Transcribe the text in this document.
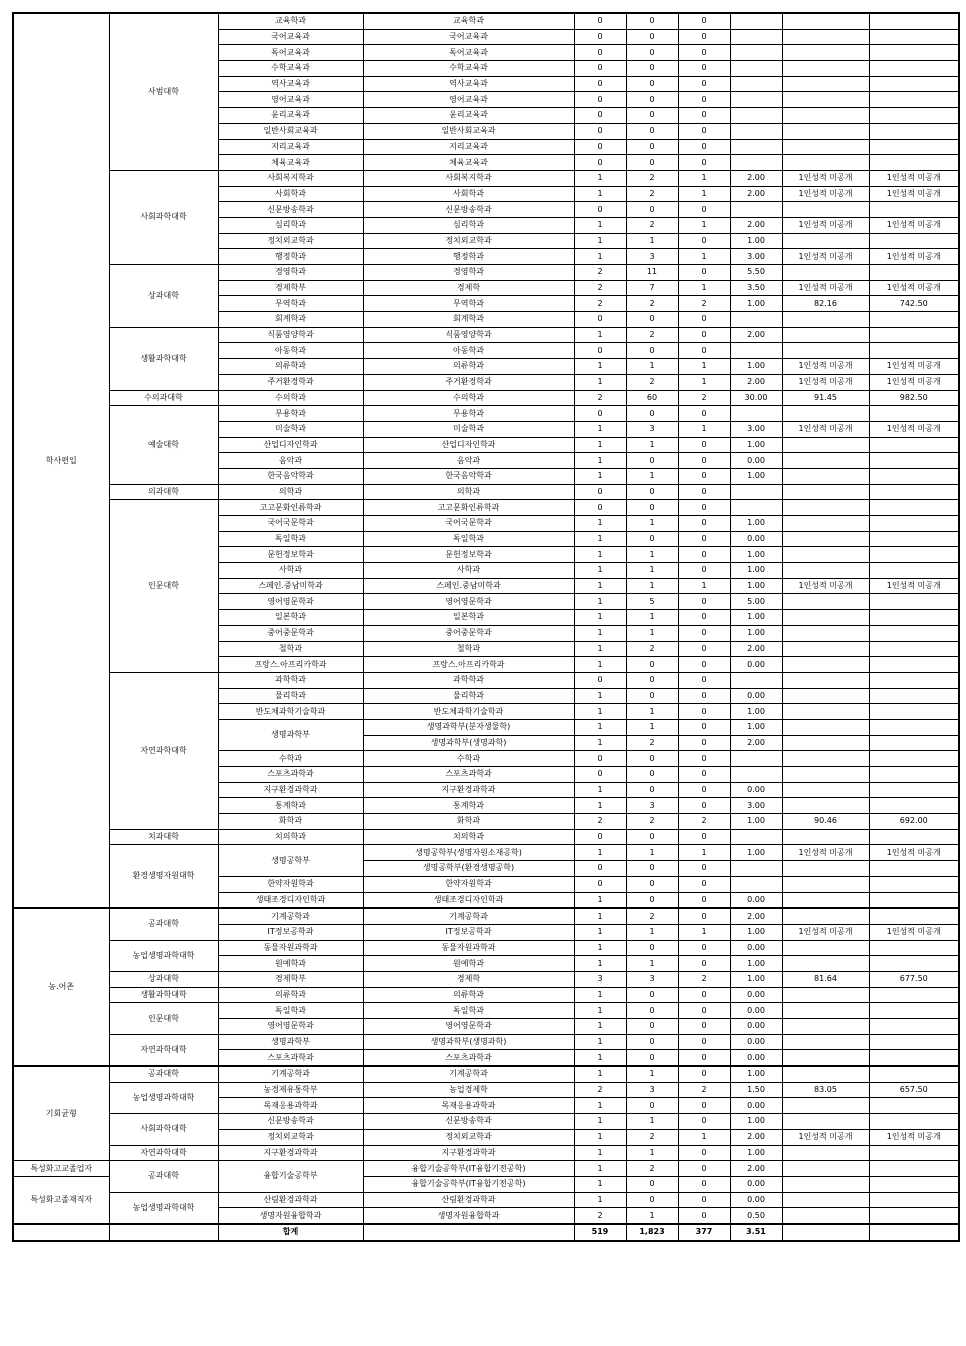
학사편입	사범대학	교육학과	교육학과	0	0	0			
		국어교육과	국어교육과	0	0	0			
		독어교육과	독어교육과	0	0	0			
		수학교육과	수학교육과	0	0	0			
		역사교육과	역사교육과	0	0	0			
		영어교육과	영어교육과	0	0	0			
		윤리교육과	윤리교육과	0	0	0			
		일반사회교육과	일반사회교육과	0	0	0			
		지리교육과	지리교육과	0	0	0			
		체육교육과	체육교육과	0	0	0			
	사회과학대학	사회복지학과	사회복지학과	1	2	1	2.00	1인성적 미공개	1인성적 미공개
		사회학과	사회학과	1	2	1	2.00	1인성적 미공개	1인성적 미공개
		신문방송학과	신문방송학과	0	0	0			
		심리학과	심리학과	1	2	1	2.00	1인성적 미공개	1인성적 미공개
		정치외교학과	정치외교학과	1	1	0	1.00		
		행정학과	행정학과	1	3	1	3.00	1인성적 미공개	1인성적 미공개
	상과대학	경영학과	경영학과	2	11	0	5.50		
		경제학부	경제학	2	7	1	3.50	1인성적 미공개	1인성적 미공개
		무역학과	무역학과	2	2	2	1.00	82.16	742.50
		회계학과	회계학과	0	0	0			
	생활과학대학	식품영양학과	식품영양학과	1	2	0	2.00		
		아동학과	아동학과	0	0	0			
		의류학과	의류학과	1	1	1	1.00	1인성적 미공개	1인성적 미공개
		주거환경학과	주거환경학과	1	2	1	2.00	1인성적 미공개	1인성적 미공개
	수의과대학	수의학과	수의학과	2	60	2	30.00	91.45	982.50
	예술대학	무용학과	무용학과	0	0	0			
		미술학과	미술학과	1	3	1	3.00	1인성적 미공개	1인성적 미공개
		산업디자인학과	산업디자인학과	1	1	0	1.00		
		음악과	음악과	1	0	0	0.00		
		한국음악학과	한국음악학과	1	1	0	1.00		
	의과대학	의학과	의학과	0	0	0			
	인문대학	고고문화인류학과	고고문화인류학과	0	0	0			
		국어국문학과	국어국문학과	1	1	0	1.00		
		독일학과	독일학과	1	0	0	0.00		
		문헌정보학과	문헌정보학과	1	1	0	1.00		
		사학과	사학과	1	1	0	1.00		
		스페인.중남미학과	스페인.중남미학과	1	1	1	1.00	1인성적 미공개	1인성적 미공개
		영어영문학과	영어영문학과	1	5	0	5.00		
		일본학과	일본학과	1	1	0	1.00		
		중어중문학과	중어중문학과	1	1	0	1.00		
		철학과	철학과	1	2	0	2.00		
		프랑스.아프리카학과	프랑스.아프리카학과	1	0	0	0.00		
	자연과학대학	과학학과	과학학과	0	0	0			
		물리학과	물리학과	1	0	0	0.00		
		반도체과학기술학과	반도체과학기술학과	1	1	0	1.00		
		생명과학부	생명과학부(분자생물학)	1	1	0	1.00		
			생명과학부(생명과학)	1	2	0	2.00		
		수학과	수학과	0	0	0			
		스포츠과학과	스포츠과학과	0	0	0			
		지구환경과학과	지구환경과학과	1	0	0	0.00		
		통계학과	통계학과	1	3	0	3.00		
		화학과	화학과	2	2	2	1.00	90.46	692.00
	치과대학	치의학과	치의학과	0	0	0			
	환경생명자원대학	생명공학부	생명공학부(생명자원소재공학)	1	1	1	1.00	1인성적 미공개	1인성적 미공개
			생명공학부(환경생명공학)	0	0	0			
		한약자원학과	한약자원학과	0	0	0			
		생태조경디자인학과	생태조경디자인학과	1	0	0	0.00		
농.어촌	공과대학	기계공학과	기계공학과	1	2	0	2.00		
		IT정보공학과	IT정보공학과	1	1	1	1.00	1인성적 미공개	1인성적 미공개
	농업생명과학대학	동물자원과학과	동물자원과학과	1	0	0	0.00		
		원예학과	원예학과	1	1	0	1.00		
	상과대학	경제학부	경제학	3	3	2	1.00	81.64	677.50
	생활과학대학	의류학과	의류학과	1	0	0	0.00		
	인문대학	독일학과	독일학과	1	0	0	0.00		
		영어영문학과	영어영문학과	1	0	0	0.00		
	자연과학대학	생명과학부	생명과학부(생명과학)	1	0	0	0.00		
		스포츠과학과	스포츠과학과	1	0	0	0.00		
기회균형	공과대학	기계공학과	기계공학과	1	1	0	1.00		
	농업생명과학대학	농경제유통학부	농업경제학	2	3	2	1.50	83.05	657.50
		목재응용과학과	목재응용과학과	1	0	0	0.00		
	사회과학대학	신문방송학과	신문방송학과	1	1	0	1.00		
		정치외교학과	정치외교학과	1	2	1	2.00	1인성적 미공개	1인성적 미공개
	자연과학대학	지구환경과학과	지구환경과학과	1	1	0	1.00		
특성화고교졸업자	공과대학	융합기술공학부	융합기술공학부(IT융합기전공학)	1	2	0	2.00		
특성화고졸재직자			융합기술공학부(IT융합기전공학)	1	0	0	0.00		
	농업생명과학대학	산림환경과학과	산림환경과학과	1	0	0	0.00		
		생명자원융합학과	생명자원융합학과	2	1	0	0.50		
		합계		519	1,823	377	3.51		
